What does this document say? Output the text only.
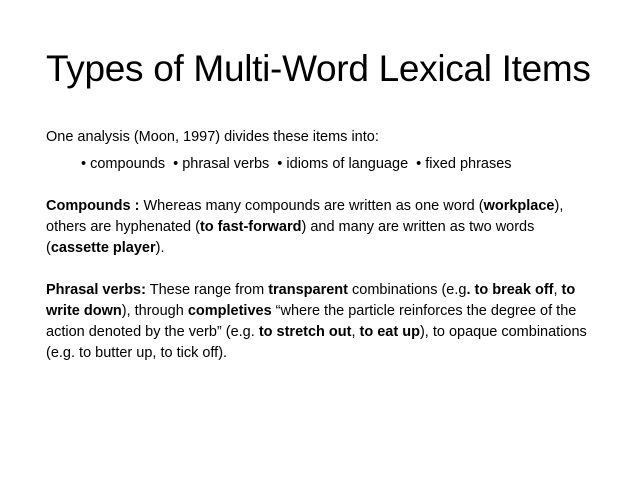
Types of Multi-Word Lexical Items

One analysis (Moon, 1997) divides these items into:

• compounds • phrasal verbs • idioms of language • fixed phrases

Compounds : Whereas many compounds are written as one word (workplace), others are hyphenated (to fast-forward) and many are written as two words (cassette player).

Phrasal verbs: These range from transparent combinations (e.g. to break off, to write down), through completives “where the particle reinforces the degree of the action denoted by the verb” (e.g. to stretch out, to eat up), to opaque combinations (e.g. to butter up, to tick off).
